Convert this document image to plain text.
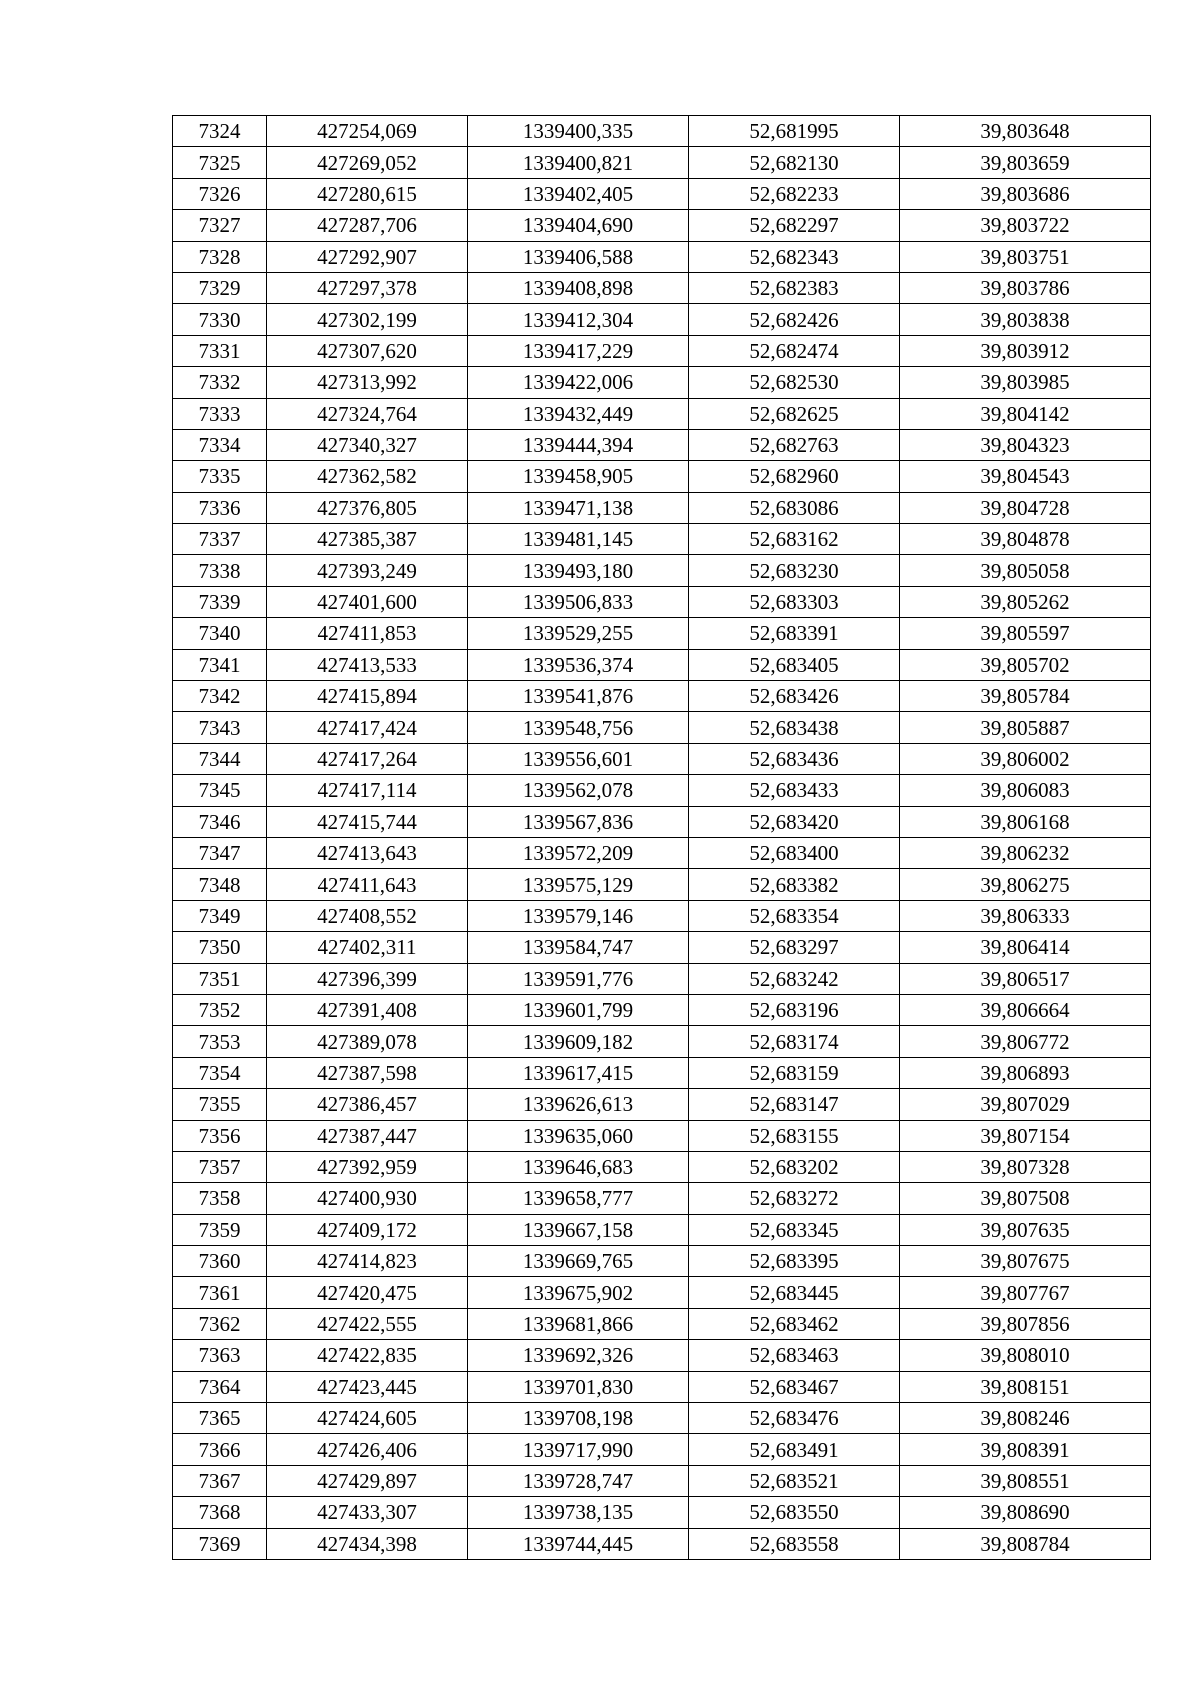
7324	427254,069	1339400,335	52,681995	39,803648
7325	427269,052	1339400,821	52,682130	39,803659
7326	427280,615	1339402,405	52,682233	39,803686
7327	427287,706	1339404,690	52,682297	39,803722
7328	427292,907	1339406,588	52,682343	39,803751
7329	427297,378	1339408,898	52,682383	39,803786
7330	427302,199	1339412,304	52,682426	39,803838
7331	427307,620	1339417,229	52,682474	39,803912
7332	427313,992	1339422,006	52,682530	39,803985
7333	427324,764	1339432,449	52,682625	39,804142
7334	427340,327	1339444,394	52,682763	39,804323
7335	427362,582	1339458,905	52,682960	39,804543
7336	427376,805	1339471,138	52,683086	39,804728
7337	427385,387	1339481,145	52,683162	39,804878
7338	427393,249	1339493,180	52,683230	39,805058
7339	427401,600	1339506,833	52,683303	39,805262
7340	427411,853	1339529,255	52,683391	39,805597
7341	427413,533	1339536,374	52,683405	39,805702
7342	427415,894	1339541,876	52,683426	39,805784
7343	427417,424	1339548,756	52,683438	39,805887
7344	427417,264	1339556,601	52,683436	39,806002
7345	427417,114	1339562,078	52,683433	39,806083
7346	427415,744	1339567,836	52,683420	39,806168
7347	427413,643	1339572,209	52,683400	39,806232
7348	427411,643	1339575,129	52,683382	39,806275
7349	427408,552	1339579,146	52,683354	39,806333
7350	427402,311	1339584,747	52,683297	39,806414
7351	427396,399	1339591,776	52,683242	39,806517
7352	427391,408	1339601,799	52,683196	39,806664
7353	427389,078	1339609,182	52,683174	39,806772
7354	427387,598	1339617,415	52,683159	39,806893
7355	427386,457	1339626,613	52,683147	39,807029
7356	427387,447	1339635,060	52,683155	39,807154
7357	427392,959	1339646,683	52,683202	39,807328
7358	427400,930	1339658,777	52,683272	39,807508
7359	427409,172	1339667,158	52,683345	39,807635
7360	427414,823	1339669,765	52,683395	39,807675
7361	427420,475	1339675,902	52,683445	39,807767
7362	427422,555	1339681,866	52,683462	39,807856
7363	427422,835	1339692,326	52,683463	39,808010
7364	427423,445	1339701,830	52,683467	39,808151
7365	427424,605	1339708,198	52,683476	39,808246
7366	427426,406	1339717,990	52,683491	39,808391
7367	427429,897	1339728,747	52,683521	39,808551
7368	427433,307	1339738,135	52,683550	39,808690
7369	427434,398	1339744,445	52,683558	39,808784
